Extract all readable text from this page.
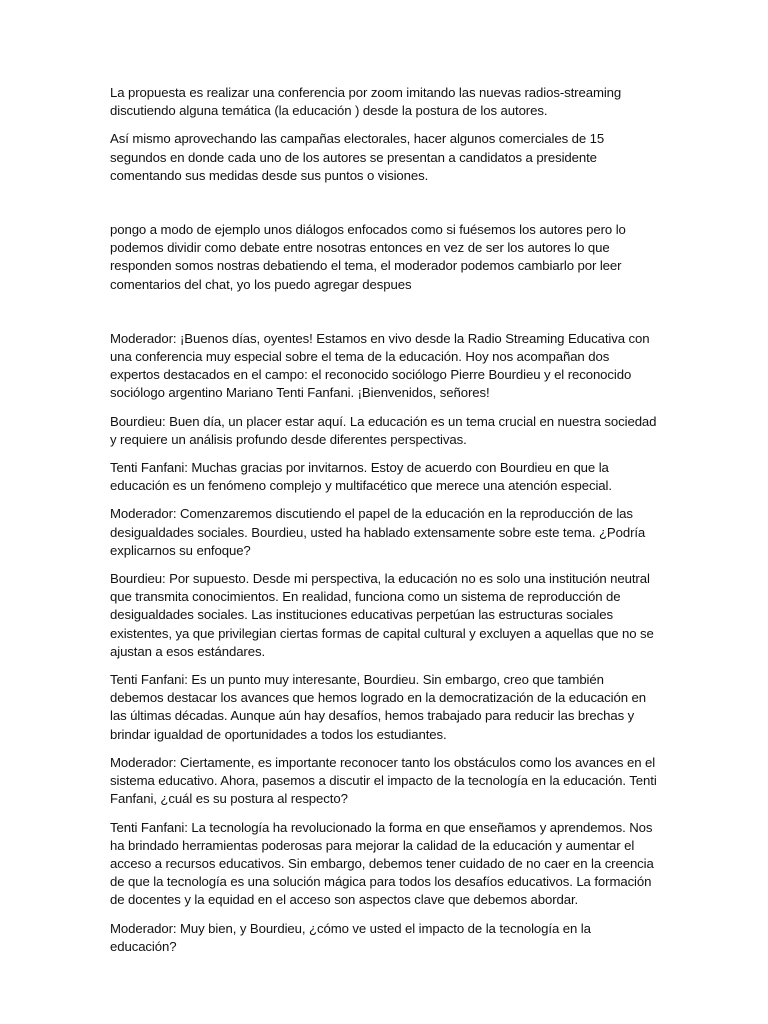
La propuesta es realizar una conferencia por zoom imitando las nuevas radios-streaming discutiendo alguna temática (la educación ) desde la postura de los autores.

Así mismo aprovechando las campañas electorales, hacer algunos comerciales de 15 segundos en donde cada uno de los autores se presentan a candidatos a presidente comentando sus medidas desde sus puntos o visiones.

pongo a modo de ejemplo unos diálogos enfocados como si fuésemos los autores pero lo podemos dividir como debate entre nosotras entonces en vez de ser los autores lo que responden somos nostras debatiendo el tema, el moderador podemos cambiarlo por leer comentarios del chat, yo los puedo agregar despues

Moderador: ¡Buenos días, oyentes! Estamos en vivo desde la Radio Streaming Educativa con una conferencia muy especial sobre el tema de la educación. Hoy nos acompañan dos expertos destacados en el campo: el reconocido sociólogo Pierre Bourdieu y el reconocido sociólogo argentino Mariano Tenti Fanfani. ¡Bienvenidos, señores!

Bourdieu: Buen día, un placer estar aquí. La educación es un tema crucial en nuestra sociedad y requiere un análisis profundo desde diferentes perspectivas.

Tenti Fanfani: Muchas gracias por invitarnos. Estoy de acuerdo con Bourdieu en que la educación es un fenómeno complejo y multifacético que merece una atención especial.

Moderador: Comenzaremos discutiendo el papel de la educación en la reproducción de las desigualdades sociales. Bourdieu, usted ha hablado extensamente sobre este tema. ¿Podría explicarnos su enfoque?

Bourdieu: Por supuesto. Desde mi perspectiva, la educación no es solo una institución neutral que transmita conocimientos. En realidad, funciona como un sistema de reproducción de desigualdades sociales. Las instituciones educativas perpetúan las estructuras sociales existentes, ya que privilegian ciertas formas de capital cultural y excluyen a aquellas que no se ajustan a esos estándares.

Tenti Fanfani: Es un punto muy interesante, Bourdieu. Sin embargo, creo que también debemos destacar los avances que hemos logrado en la democratización de la educación en las últimas décadas. Aunque aún hay desafíos, hemos trabajado para reducir las brechas y brindar igualdad de oportunidades a todos los estudiantes.

Moderador: Ciertamente, es importante reconocer tanto los obstáculos como los avances en el sistema educativo. Ahora, pasemos a discutir el impacto de la tecnología en la educación. Tenti Fanfani, ¿cuál es su postura al respecto?

Tenti Fanfani: La tecnología ha revolucionado la forma en que enseñamos y aprendemos. Nos ha brindado herramientas poderosas para mejorar la calidad de la educación y aumentar el acceso a recursos educativos. Sin embargo, debemos tener cuidado de no caer en la creencia de que la tecnología es una solución mágica para todos los desafíos educativos. La formación de docentes y la equidad en el acceso son aspectos clave que debemos abordar.

Moderador: Muy bien, y Bourdieu, ¿cómo ve usted el impacto de la tecnología en la educación?
